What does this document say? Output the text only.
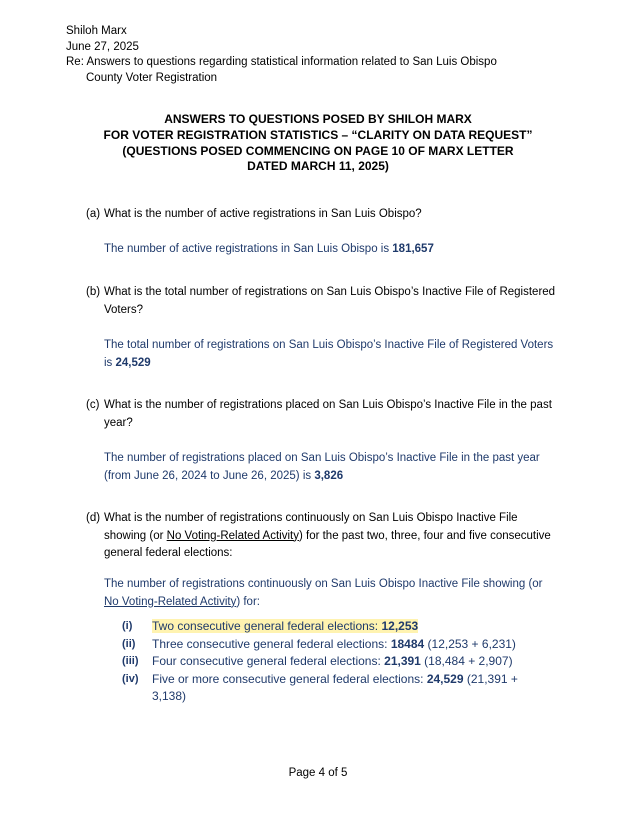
Shiloh Marx
June 27, 2025
Re: Answers to questions regarding statistical information related to San Luis Obispo
County Voter Registration
ANSWERS TO QUESTIONS POSED BY SHILOH MARX
FOR VOTER REGISTRATION STATISTICS – “CLARITY ON DATA REQUEST”
(QUESTIONS POSED COMMENCING ON PAGE 10 OF MARX LETTER
DATED MARCH 11, 2025)
(a) What is the number of active registrations in San Luis Obispo?
The number of active registrations in San Luis Obispo is 181,657
(b) What is the total number of registrations on San Luis Obispo’s Inactive File of Registered Voters?
The total number of registrations on San Luis Obispo’s Inactive File of Registered Voters is 24,529
(c) What is the number of registrations placed on San Luis Obispo’s Inactive File in the past year?
The number of registrations placed on San Luis Obispo’s Inactive File in the past year (from June 26, 2024 to June 26, 2025) is 3,826
(d) What is the number of registrations continuously on San Luis Obispo Inactive File showing (or No Voting-Related Activity) for the past two, three, four and five consecutive general federal elections:
The number of registrations continuously on San Luis Obispo Inactive File showing (or No Voting-Related Activity) for:
(i) Two consecutive general federal elections: 12,253
(ii) Three consecutive general federal elections: 18484 (12,253 + 6,231)
(iii) Four consecutive general federal elections: 21,391 (18,484 + 2,907)
(iv) Five or more consecutive general federal elections: 24,529 (21,391 + 3,138)
Page 4 of 5
